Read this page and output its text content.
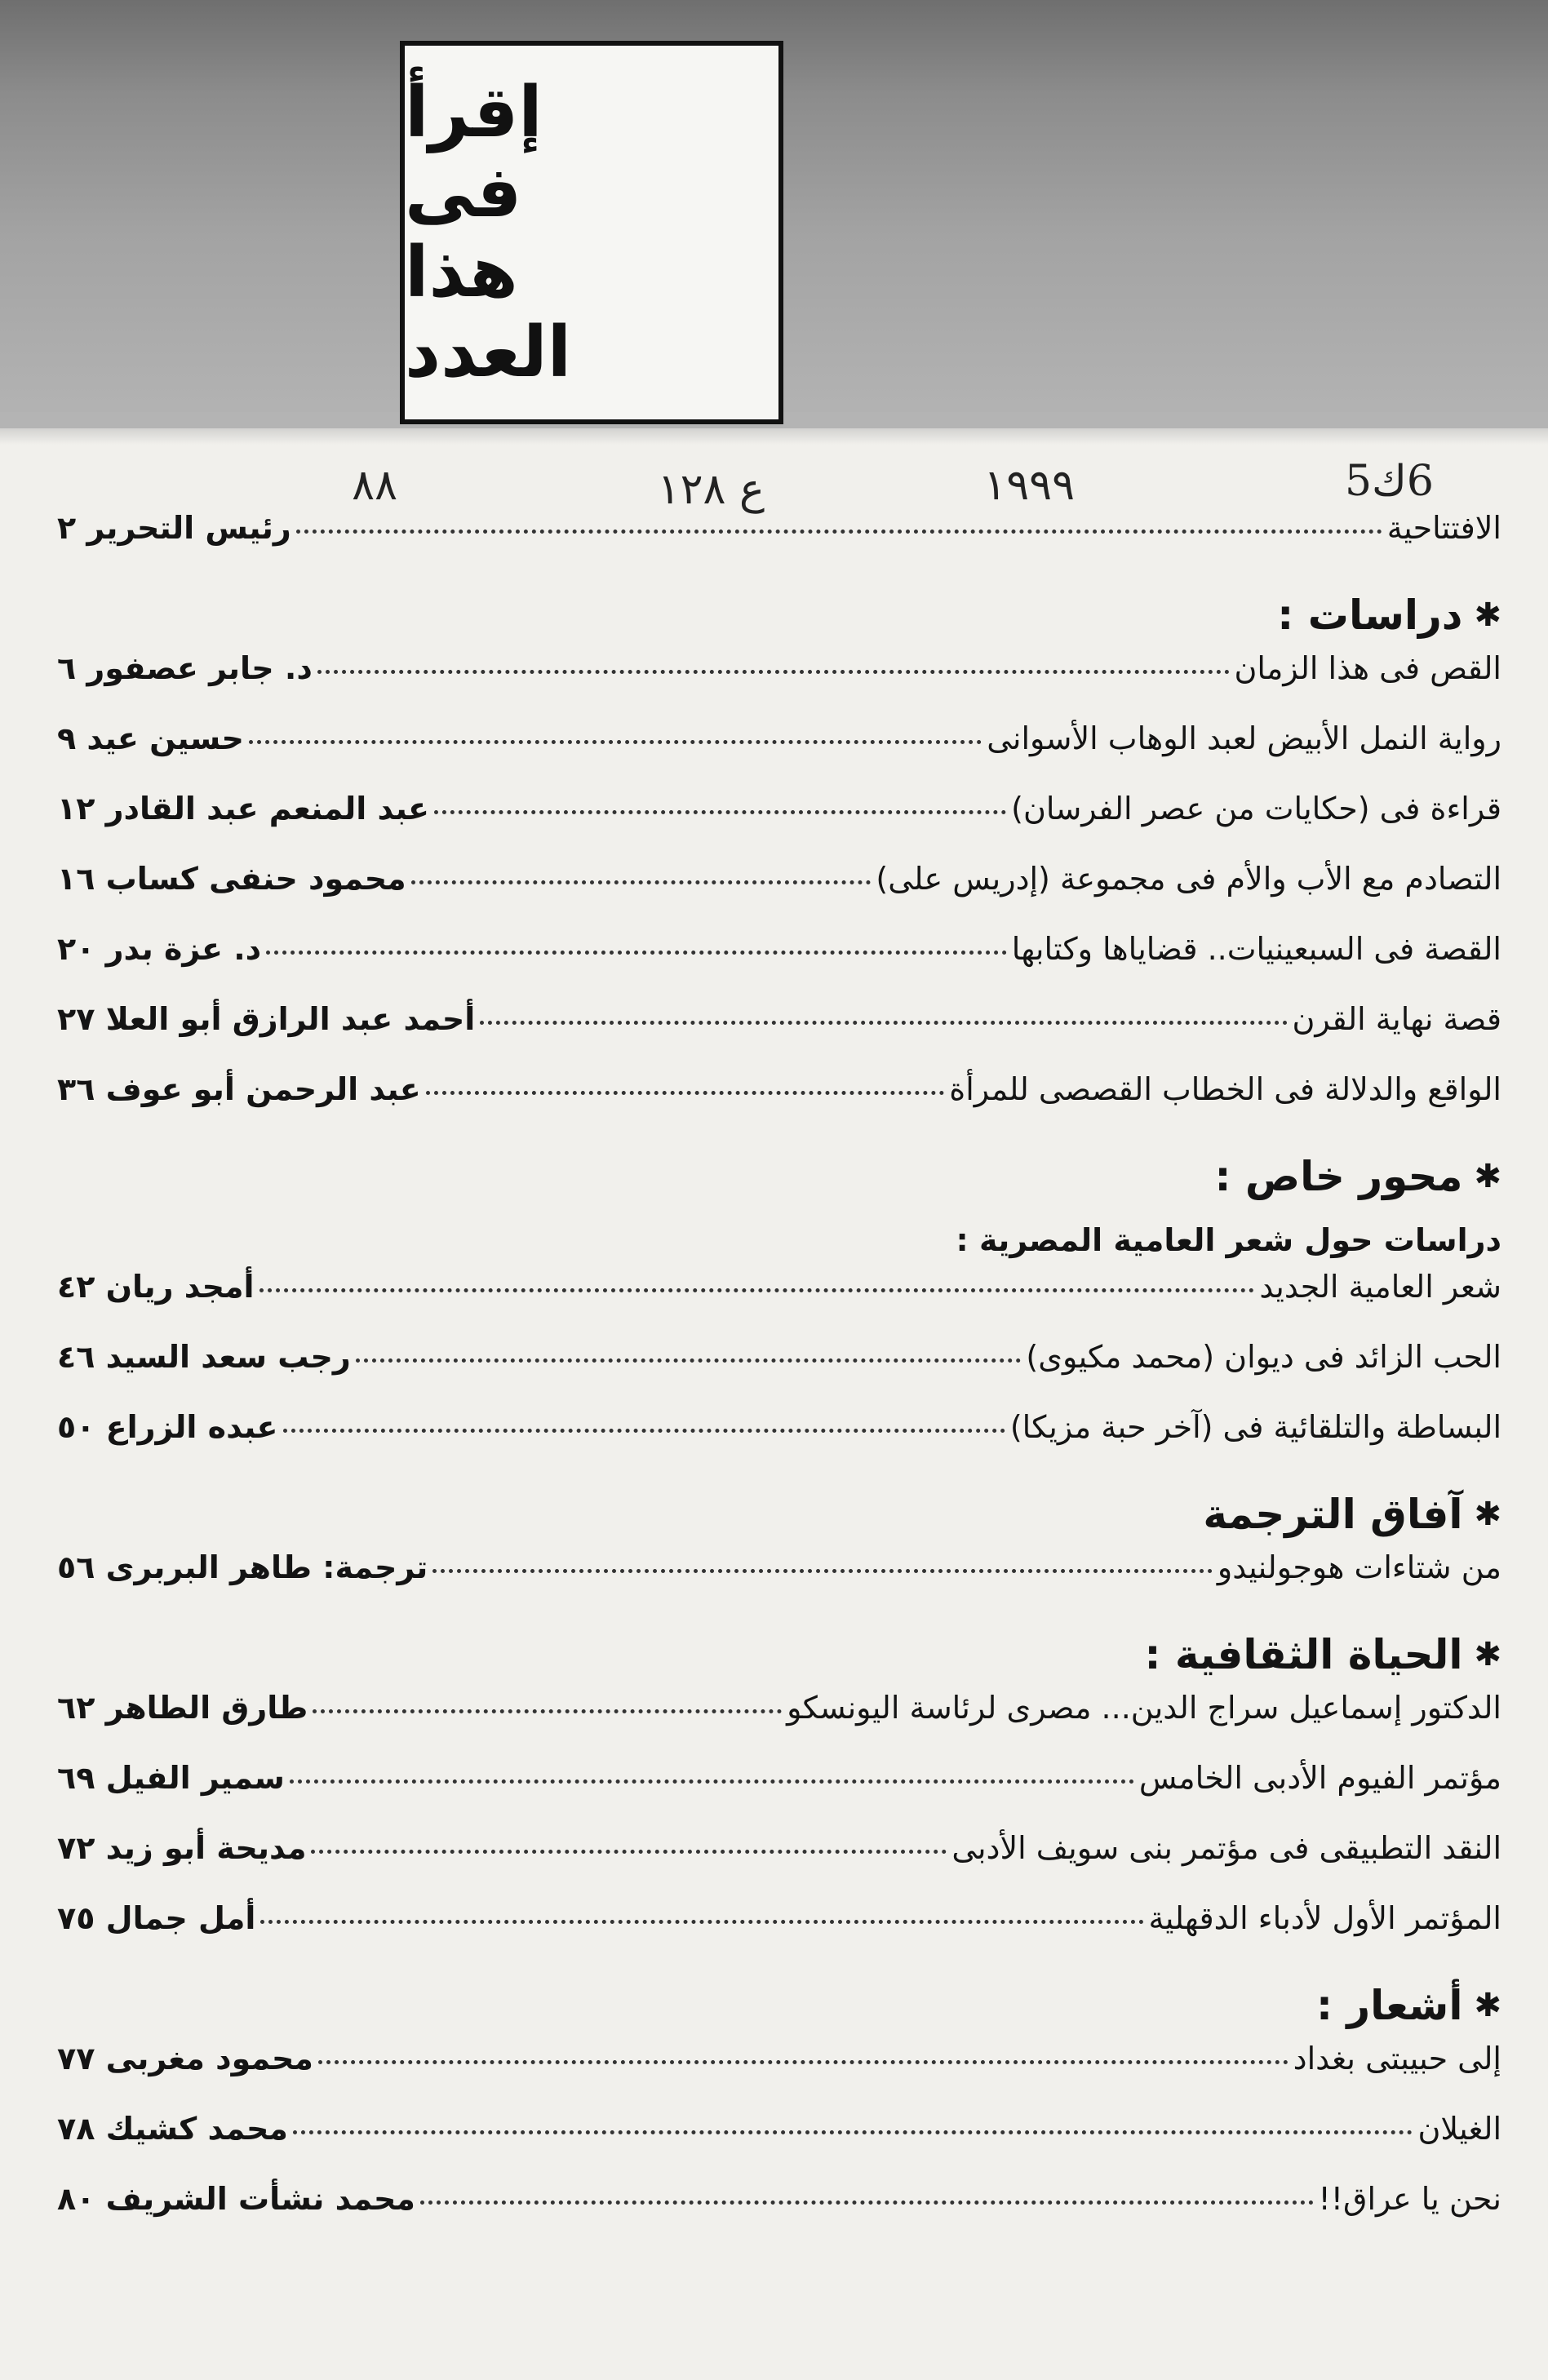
إقرأ
فى
هذا
العدد
6ك5
١٩٩٩
ع ١٢٨
٨٨
الافتتاحية
رئيس التحرير ٢
✱
دراسات :
القص فى هذا الزمان
د. جابر عصفور ٦
رواية النمل الأبيض لعبد الوهاب الأسوانى
حسين عيد ٩
قراءة فى (حكايات من عصر الفرسان)
عبد المنعم عبد القادر ١٢
التصادم مع الأب والأم فى مجموعة (إدريس على)
محمود حنفى كساب ١٦
القصة فى السبعينيات.. قضاياها وكتابها
د. عزة بدر ٢٠
قصة نهاية القرن
أحمد عبد الرازق أبو العلا ٢٧
الواقع والدلالة فى الخطاب القصصى للمرأة
عبد الرحمن أبو عوف ٣٦
✱
محور خاص :
دراسات حول شعر العامية المصرية :
شعر العامية الجديد
أمجد ريان ٤٢
الحب الزائد فى ديوان (محمد مكيوى)
رجب سعد السيد ٤٦
البساطة والتلقائية فى (آخر حبة مزيكا)
عبده الزراع ٥٠
✱
آفاق الترجمة
من شتاءات هوجولنيدو
ترجمة: طاهر البربرى ٥٦
✱
الحياة الثقافية :
الدكتور إسماعيل سراج الدين... مصرى لرئاسة اليونسكو
طارق الطاهر ٦٢
مؤتمر الفيوم الأدبى الخامس
سمير الفيل ٦٩
النقد التطبيقى فى مؤتمر بنى سويف الأدبى
مديحة أبو زيد ٧٢
المؤتمر الأول لأدباء الدقهلية
أمل جمال ٧٥
✱
أشعار :
إلى حبيبتى بغداد
محمود مغربى ٧٧
الغيلان
محمد كشيك ٧٨
نحن يا عراق!!
محمد نشأت الشريف ٨٠
